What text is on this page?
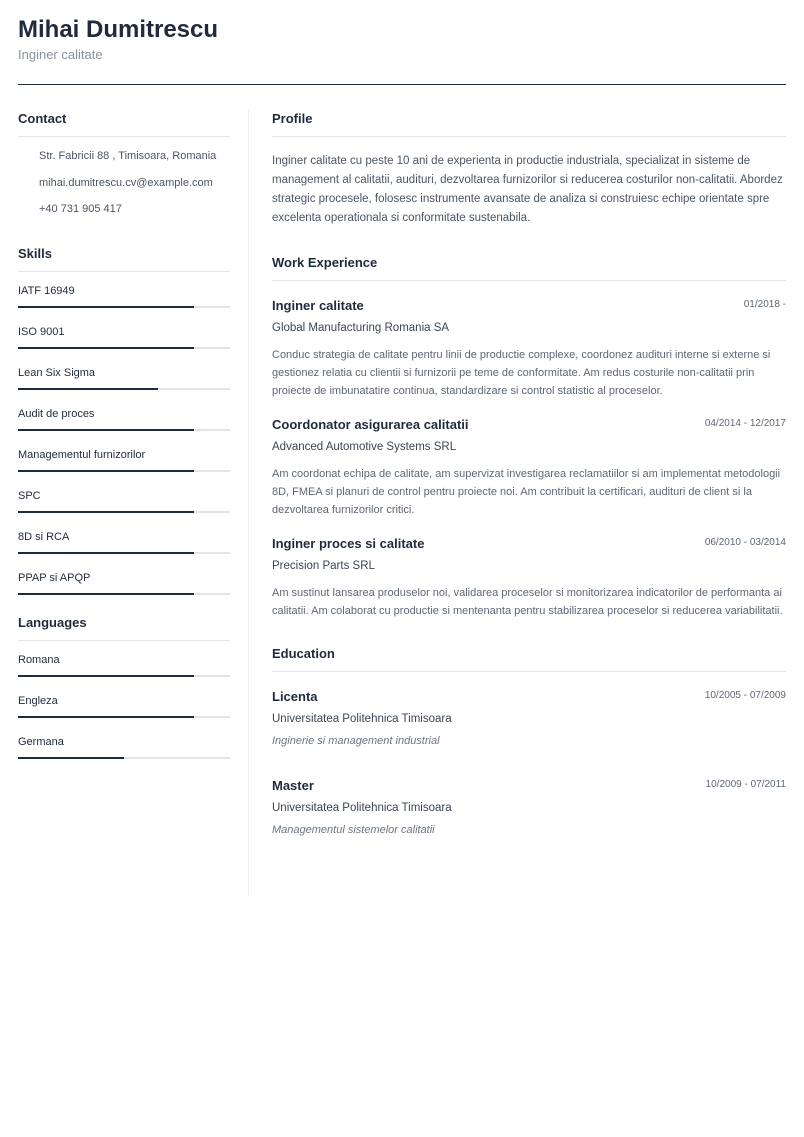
Mihai Dumitrescu
Inginer calitate
Contact
Str. Fabricii 88 , Timisoara, Romania
mihai.dumitrescu.cv@example.com
+40 731 905 417
Skills
IATF 16949
ISO 9001
Lean Six Sigma
Audit de proces
Managementul furnizorilor
SPC
8D si RCA
PPAP si APQP
Languages
Romana
Engleza
Germana
Profile
Inginer calitate cu peste 10 ani de experienta in productie industriala, specializat in sisteme de management al calitatii, audituri, dezvoltarea furnizorilor si reducerea costurilor non-calitatii. Abordez strategic procesele, folosesc instrumente avansate de analiza si construiesc echipe orientate spre excelenta operationala si conformitate sustenabila.
Work Experience
Inginer calitate	01/2018 -
Global Manufacturing Romania SA
Conduc strategia de calitate pentru linii de productie complexe, coordonez audituri interne si externe si gestionez relatia cu clientii si furnizorii pe teme de conformitate. Am redus costurile non-calitatii prin proiecte de imbunatatire continua, standardizare si control statistic al proceselor.
Coordonator asigurarea calitatii	04/2014 - 12/2017
Advanced Automotive Systems SRL
Am coordonat echipa de calitate, am supervizat investigarea reclamatiilor si am implementat metodologii 8D, FMEA si planuri de control pentru proiecte noi. Am contribuit la certificari, audituri de client si la dezvoltarea furnizorilor critici.
Inginer proces si calitate	06/2010 - 03/2014
Precision Parts SRL
Am sustinut lansarea produselor noi, validarea proceselor si monitorizarea indicatorilor de performanta ai calitatii. Am colaborat cu productie si mentenanta pentru stabilizarea proceselor si reducerea variabilitatii.
Education
Licenta	10/2005 - 07/2009
Universitatea Politehnica Timisoara
Inginerie si management industrial
Master	10/2009 - 07/2011
Universitatea Politehnica Timisoara
Managementul sistemelor calitatii
